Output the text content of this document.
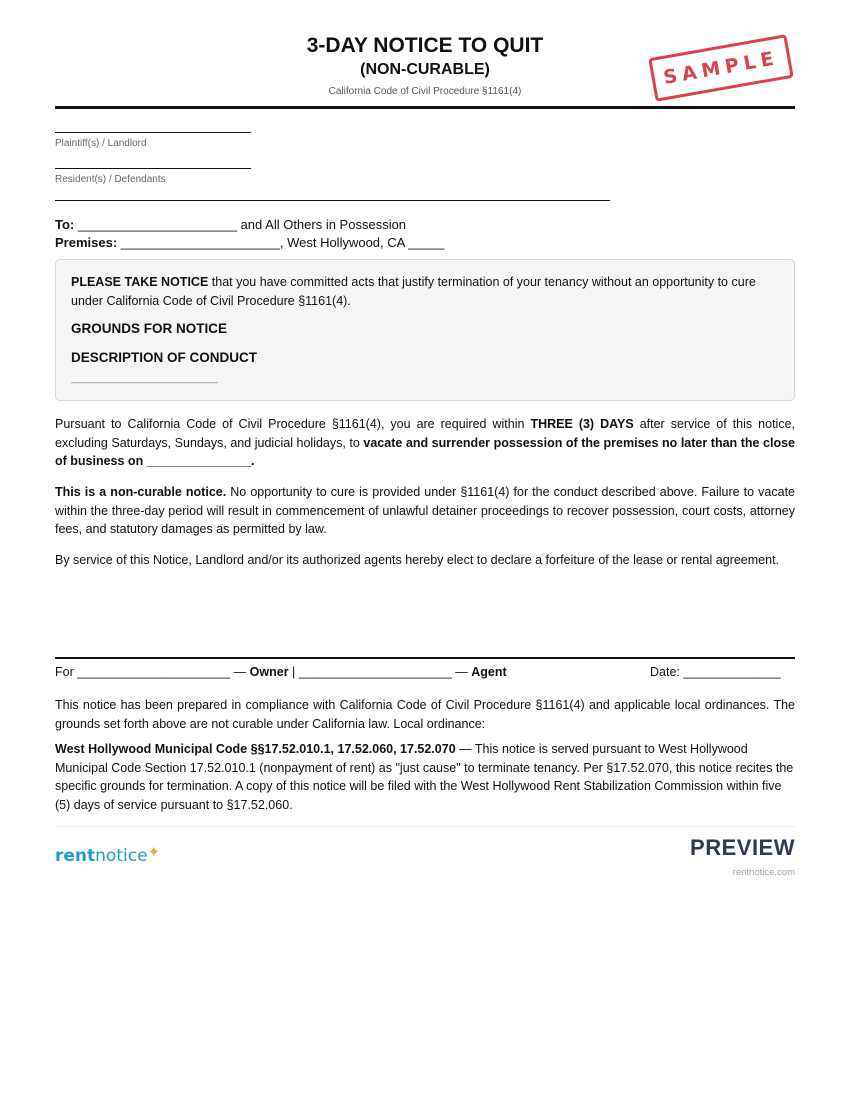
3-DAY NOTICE TO QUIT
(NON-CURABLE)
California Code of Civil Procedure §1161(4)
SAMPLE
Plaintiff(s) / Landlord
Resident(s) / Defendants
To: ______________________ and All Others in Possession
Premises: ______________________, West Hollywood, CA _____
PLEASE TAKE NOTICE that you have committed acts that justify termination of your tenancy without an opportunity to cure under California Code of Civil Procedure §1161(4).
GROUNDS FOR NOTICE
DESCRIPTION OF CONDUCT
________________________
Pursuant to California Code of Civil Procedure §1161(4), you are required within THREE (3) DAYS after service of this notice, excluding Saturdays, Sundays, and judicial holidays, to vacate and surrender possession of the premises no later than the close of business on _______________.
This is a non-curable notice. No opportunity to cure is provided under §1161(4) for the conduct described above. Failure to vacate within the three-day period will result in commencement of unlawful detainer proceedings to recover possession, court costs, attorney fees, and statutory damages as permitted by law.
By service of this Notice, Landlord and/or its authorized agents hereby elect to declare a forfeiture of the lease or rental agreement.
For ______________________ — Owner | ______________________ — Agent	Date: ______________
This notice has been prepared in compliance with California Code of Civil Procedure §1161(4) and applicable local ordinances. The grounds set forth above are not curable under California law. Local ordinance:
West Hollywood Municipal Code §§17.52.010.1, 17.52.060, 17.52.070 — This notice is served pursuant to West Hollywood Municipal Code Section 17.52.010.1 (nonpayment of rent) as "just cause" to terminate tenancy. Per §17.52.070, this notice recites the specific grounds for termination. A copy of this notice will be filed with the West Hollywood Rent Stabilization Commission within five (5) days of service pursuant to §17.52.060.
rentnotice✦	PREVIEW
rentnotice.com
